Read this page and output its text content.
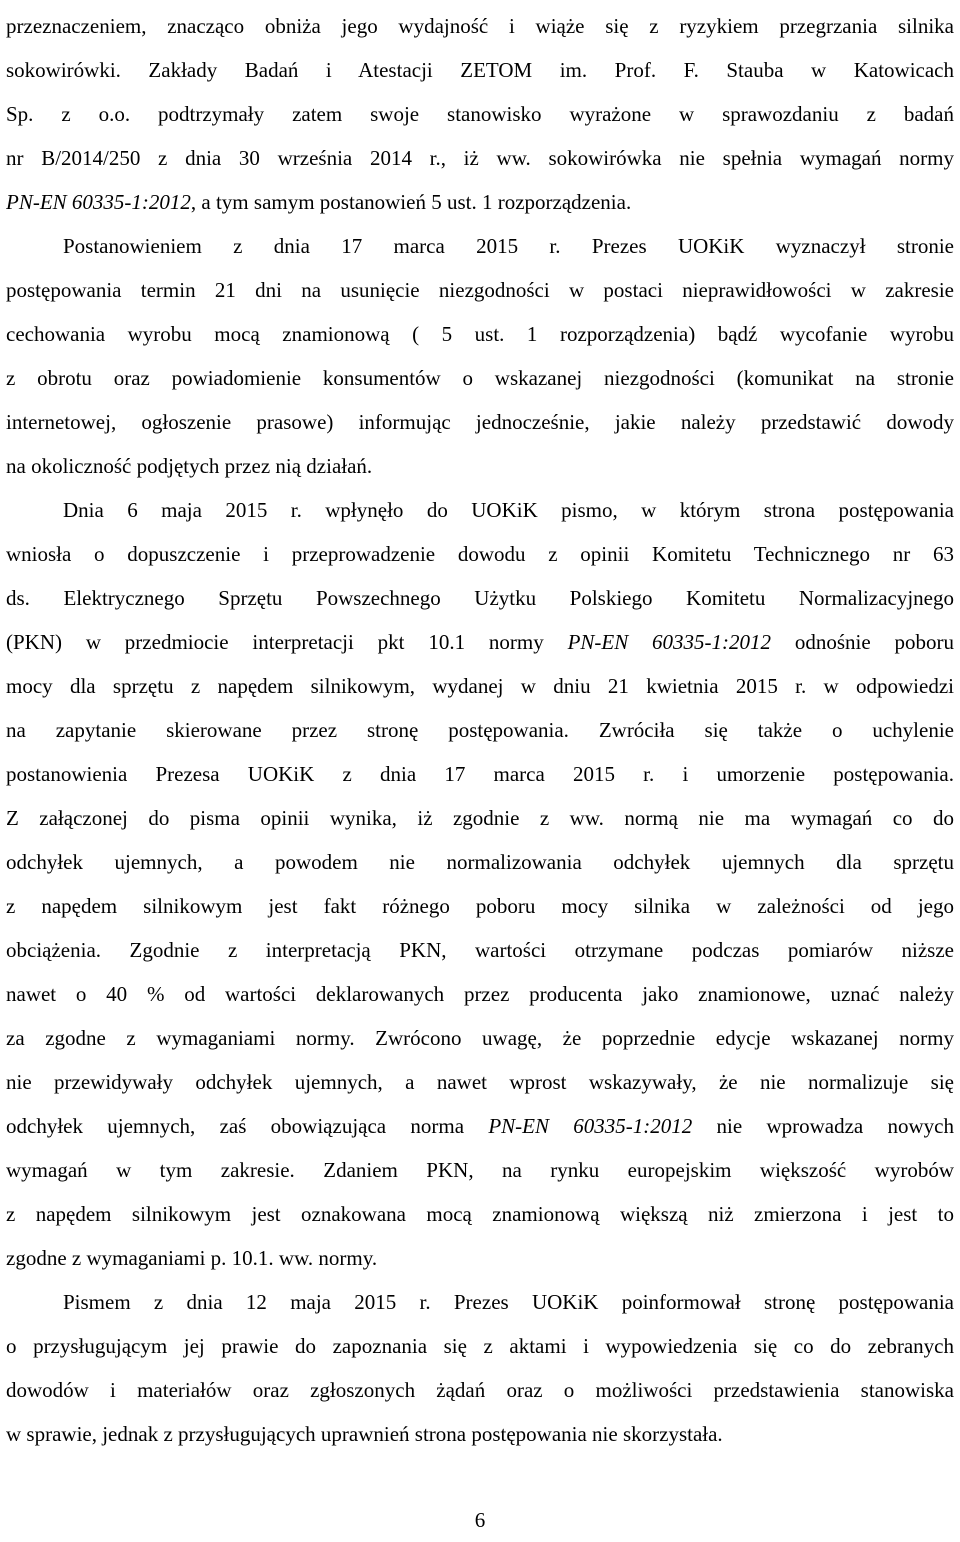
przeznaczeniem, znacząco obniża jego wydajność i wiąże się z ryzykiem przegrzania silnika
sokowirówki. Zakłady Badań i Atestacji ZETOM im. Prof. F. Stauba w Katowicach
Sp. z o.o. podtrzymały zatem swoje stanowisko wyrażone w sprawozdaniu z badań
nr B/2014/250 z dnia 30 września 2014 r., iż ww. sokowirówka nie spełnia wymagań normy
PN-EN 60335-1:2012, a tym samym postanowień 5 ust. 1 rozporządzenia.
Postanowieniem z dnia 17 marca 2015 r. Prezes UOKiK wyznaczył stronie
postępowania termin 21 dni na usunięcie niezgodności w postaci nieprawidłowości w zakresie
cechowania wyrobu mocą znamionową ( 5 ust. 1 rozporządzenia) bądź wycofanie wyrobu
z obrotu oraz powiadomienie konsumentów o wskazanej niezgodności (komunikat na stronie
internetowej, ogłoszenie prasowe) informując jednocześnie, jakie należy przedstawić dowody
na okoliczność podjętych przez nią działań.
Dnia 6 maja 2015 r. wpłynęło do UOKiK pismo, w którym strona postępowania
wniosła o dopuszczenie i przeprowadzenie dowodu z opinii Komitetu Technicznego nr 63
ds. Elektrycznego Sprzętu Powszechnego Użytku Polskiego Komitetu Normalizacyjnego
(PKN) w przedmiocie interpretacji pkt 10.1 normy PN-EN 60335-1:2012 odnośnie poboru
mocy dla sprzętu z napędem silnikowym, wydanej w dniu 21 kwietnia 2015 r. w odpowiedzi
na zapytanie skierowane przez stronę postępowania. Zwróciła się także o uchylenie
postanowienia Prezesa UOKiK z dnia 17 marca 2015 r. i umorzenie postępowania.
Z załączonej do pisma opinii wynika, iż zgodnie z ww. normą nie ma wymagań co do
odchyłek ujemnych, a powodem nie normalizowania odchyłek ujemnych dla sprzętu
z napędem silnikowym jest fakt różnego poboru mocy silnika w zależności od jego
obciążenia. Zgodnie z interpretacją PKN, wartości otrzymane podczas pomiarów niższe
nawet o 40 % od wartości deklarowanych przez producenta jako znamionowe, uznać należy
za zgodne z wymaganiami normy. Zwrócono uwagę, że poprzednie edycje wskazanej normy
nie przewidywały odchyłek ujemnych, a nawet wprost wskazywały, że nie normalizuje się
odchyłek ujemnych, zaś obowiązująca norma PN-EN 60335-1:2012 nie wprowadza nowych
wymagań w tym zakresie. Zdaniem PKN, na rynku europejskim większość wyrobów
z napędem silnikowym jest oznakowana mocą znamionową większą niż zmierzona i jest to
zgodne z wymaganiami p. 10.1. ww. normy.
Pismem z dnia 12 maja 2015 r. Prezes UOKiK poinformował stronę postępowania
o przysługującym jej prawie do zapoznania się z aktami i wypowiedzenia się co do zebranych
dowodów i materiałów oraz zgłoszonych żądań oraz o możliwości przedstawienia stanowiska
w sprawie, jednak z przysługujących uprawnień strona postępowania nie skorzystała.
6
